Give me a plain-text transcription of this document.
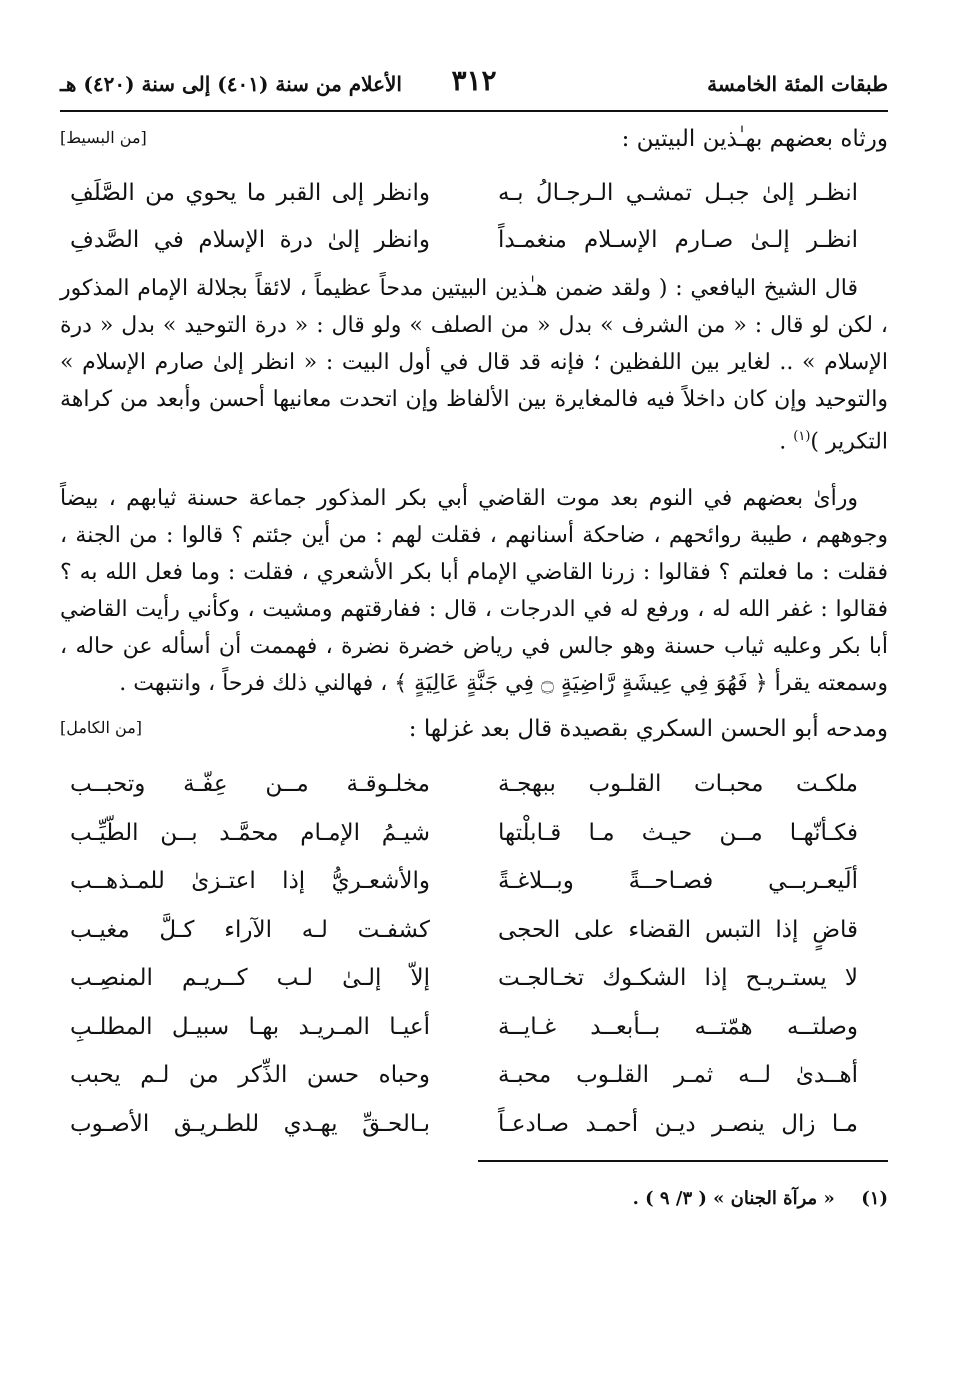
طبقات المئة الخامسة
٣١٢
الأعلام من سنة (٤٠١) إلى سنة (٤٢٠) هـ
ورثاه بعضهم بهـٰذين البيتين :
[من البسيط]
انظـر إلىٰ جبـل تمشـي الـرجـالُ بـه
وانظر إلى القبر ما يحوي من الصَّلَفِ
انظـر إلـىٰ صـارم الإسـلام منغمـداً
وانظر إلىٰ درة الإسلام في الصَّدفِ

قال الشيخ اليافعي : ( ولقد ضمن هـٰذين البيتين مدحاً عظيماً ، لائقاً بجلالة الإمام المذكور ، لكن لو قال : « من الشرف » بدل « من الصلف » ولو قال : « درة التوحيد » بدل « درة الإسلام » .. لغاير بين اللفظين ؛ فإنه قد قال في أول البيت : « انظر إلىٰ صارم الإسلام » والتوحيد وإن كان داخلاً فيه فالمغايرة بين الألفاظ وإن اتحدت معانيها أحسن وأبعد من كراهة التكرير )$^{(١)}$ .

ورأىٰ بعضهم في النوم بعد موت القاضي أبي بكر المذكور جماعة حسنة ثيابهم ، بيضاً وجوههم ، طيبة روائحهم ، ضاحكة أسنانهم ، فقلت لهم : من أين جئتم ؟ قالوا : من الجنة ، فقلت : ما فعلتم ؟ فقالوا : زرنا القاضي الإمام أبا بكر الأشعري ، فقلت : وما فعل الله به ؟ فقالوا : غفر الله له ، ورفع له في الدرجات ، قال : ففارقتهم ومشيت ، وكأني رأيت القاضي أبا بكر وعليه ثياب حسنة وهو جالس في رياض خضرة نضرة ، فهممت أن أسأله عن حاله ، وسمعته يقرأ ﴿ فَهُوَ فِي عِيشَةٍ رَّاضِيَةٍ ۝ فِي جَنَّةٍ عَالِيَةٍ ﴾ ، فهالني ذلك فرحاً ، وانتبهت .

ومدحه أبو الحسن السكري بقصيدة قال بعد غزلها :
[من الكامل]
ملكـت محبـات القلـوب ببهجـة
مخلـوقـة مــن عِفّـة وتحبــب
فكـأنّهـا مــن حيـث مـا قـابلْتها
شيـمُ الإمـام محمَّـد بــن الطّيِّـب
ألَيعـربــي فصـاحــةً وبــلاغـةً
والأشعـريُّ إذا اعتـزىٰ للمـذهــب
قاضٍ إذا التبس القضاء على الحجى
كشفـت لـه الآراء كـلَّ مغيـب
لا يستـريـح إذا الشكـوك تخـالجـت
إلاّ إلـىٰ لـب كــريـم المنصِـب
وصلتــه همّتــه بــأبعــد غـايــة
أعيـا المـريـد بهـا سبيـل المطلـبِ
أهــدىٰ لــه ثمـر القلـوب محبـة
وحباه حسن الذِّكر من لـم يحبب
مـا زال ينصـر ديـن أحمـد صـادعـاً
بـالحـقِّ يهـدي للطـريـق الأصـوب
(١)  « مرآة الجنان » ( ٣/ ٩ ) .
